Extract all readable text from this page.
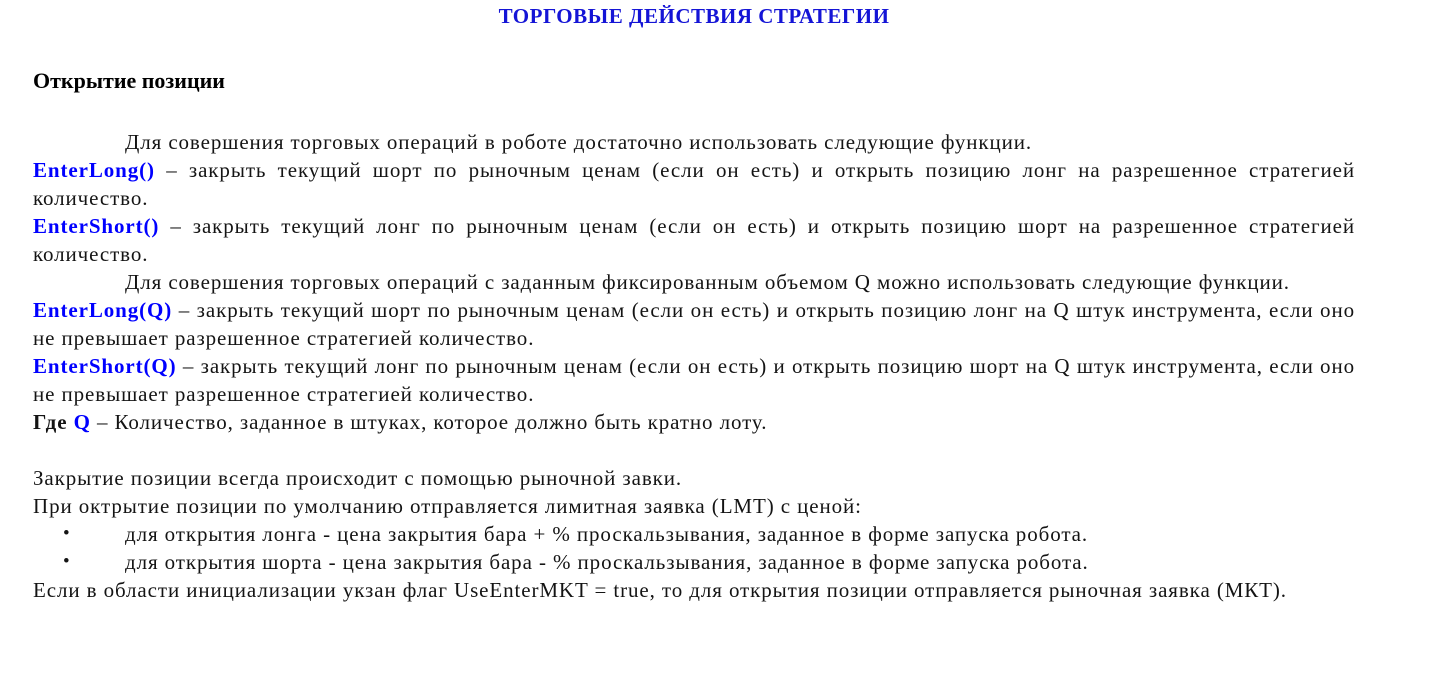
ТОРГОВЫЕ ДЕЙСТВИЯ СТРАТЕГИИ
Открытие позиции

Для совершения торговых операций в роботе достаточно использовать следующие функции.

EnterLong() – закрыть текущий шорт по рыночным ценам (если он есть) и открыть позицию лонг на разрешенное стратегией количество.

EnterShort() – закрыть текущий лонг по рыночным ценам (если он есть) и открыть позицию шорт на разрешенное стратегией количество.

Для совершения торговых операций с заданным фиксированным объемом Q можно использовать следующие функции.

EnterLong(Q) – закрыть текущий шорт по рыночным ценам (если он есть) и открыть позицию лонг на Q штук инструмента, если оно не превышает разрешенное стратегией количество.

EnterShort(Q) – закрыть текущий лонг по рыночным ценам (если он есть) и открыть позицию шорт на Q штук инструмента, если оно не превышает разрешенное стратегией количество.

Где Q – Количество, заданное в штуках, которое должно быть кратно лоту.

Закрытие позиции всегда происходит с помощью рыночной завки.

При октрытие позиции по умолчанию отправляется лимитная заявка (LMT) с ценой:

•	для открытия лонга - цена закрытия бара + % проскальзывания, заданное в форме запуска робота.
•	для открытия шорта - цена закрытия бара - % проскальзывания, заданное в форме запуска робота.

Если в области инициализации укзан флаг UseEnterMKT = true, то для открытия позиции отправляется рыночная заявка (МКТ).
